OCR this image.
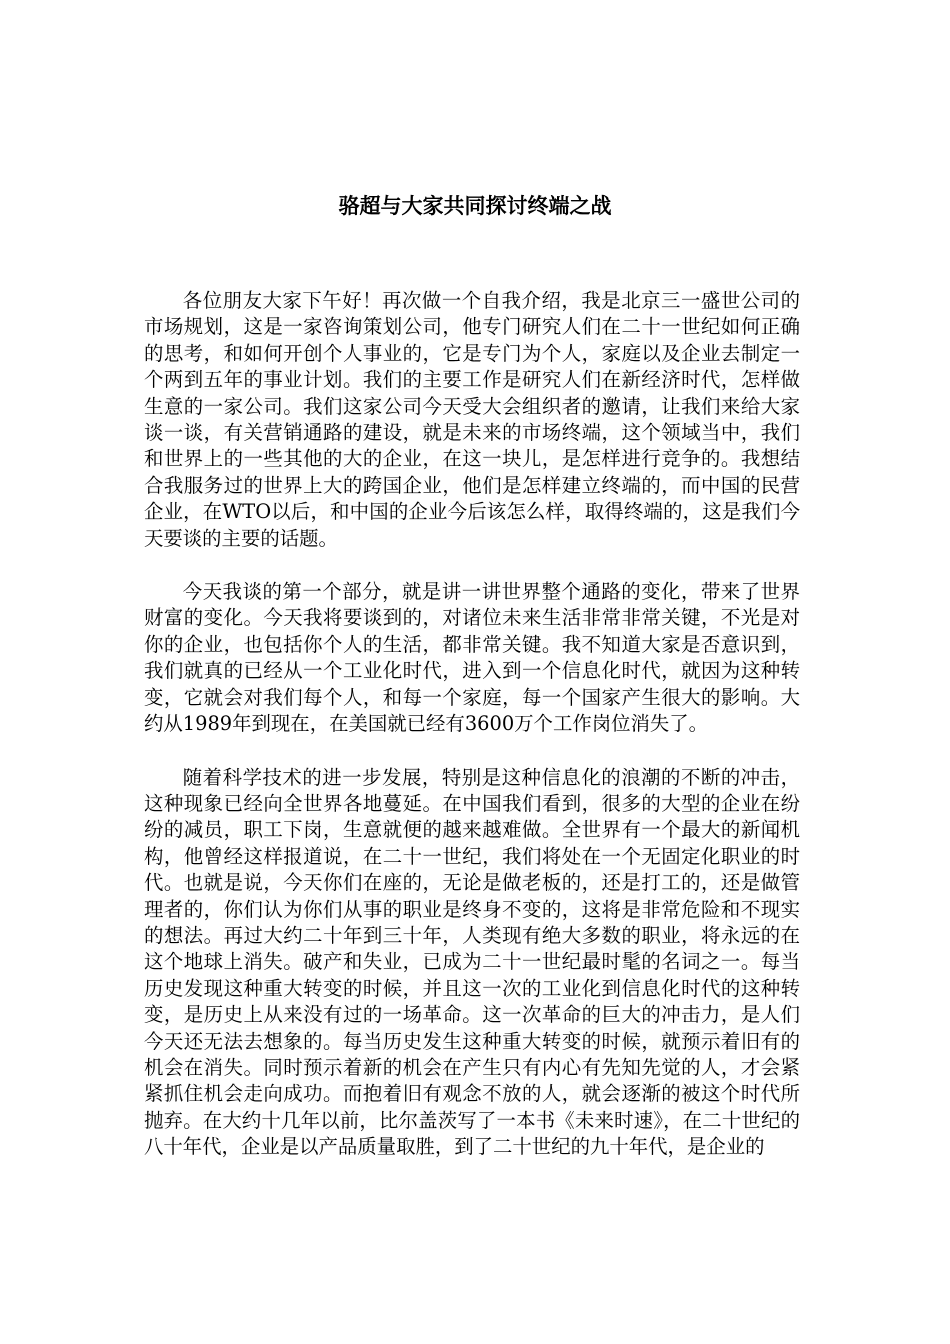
骆超与大家共同探讨终端之战

各位朋友大家下午好！再次做一个自我介绍，我是北京三一盛世公司的市场规划，这是一家咨询策划公司，他专门研究人们在二十一世纪如何正确的思考，和如何开创个人事业的，它是专门为个人，家庭以及企业去制定一个两到五年的事业计划。我们的主要工作是研究人们在新经济时代，怎样做生意的一家公司。我们这家公司今天受大会组织者的邀请，让我们来给大家谈一谈，有关营销通路的建设，就是未来的市场终端，这个领域当中，我们和世界上的一些其他的大的企业，在这一块儿，是怎样进行竞争的。我想结合我服务过的世界上大的跨国企业，他们是怎样建立终端的，而中国的民营企业，在WTO以后，和中国的企业今后该怎么样，取得终端的，这是我们今天要谈的主要的话题。

今天我谈的第一个部分，就是讲一讲世界整个通路的变化，带来了世界财富的变化。今天我将要谈到的，对诸位未来生活非常非常关键，不光是对你的企业，也包括你个人的生活，都非常关键。我不知道大家是否意识到，我们就真的已经从一个工业化时代，进入到一个信息化时代，就因为这种转变，它就会对我们每个人，和每一个家庭，每一个国家产生很大的影响。大约从1989年到现在，在美国就已经有3600万个工作岗位消失了。

随着科学技术的进一步发展，特别是这种信息化的浪潮的不断的冲击，这种现象已经向全世界各地蔓延。在中国我们看到，很多的大型的企业在纷纷的减员，职工下岗，生意就便的越来越难做。全世界有一个最大的新闻机构，他曾经这样报道说，在二十一世纪，我们将处在一个无固定化职业的时代。也就是说，今天你们在座的，无论是做老板的，还是打工的，还是做管理者的，你们认为你们从事的职业是终身不变的，这将是非常危险和不现实的想法。再过大约二十年到三十年，人类现有绝大多数的职业，将永远的在这个地球上消失。破产和失业，已成为二十一世纪最时髦的名词之一。每当历史发现这种重大转变的时候，并且这一次的工业化到信息化时代的这种转变，是历史上从来没有过的一场革命。这一次革命的巨大的冲击力，是人们今天还无法去想象的。每当历史发生这种重大转变的时候，就预示着旧有的机会在消失。同时预示着新的机会在产生只有内心有先知先觉的人，才会紧紧抓住机会走向成功。而抱着旧有观念不放的人，就会逐渐的被这个时代所抛弃。在大约十几年以前，比尔盖茨写了一本书《未来时速》，在二十世纪的八十年代，企业是以产品质量取胜，到了二十世纪的九十年代，是企业的
